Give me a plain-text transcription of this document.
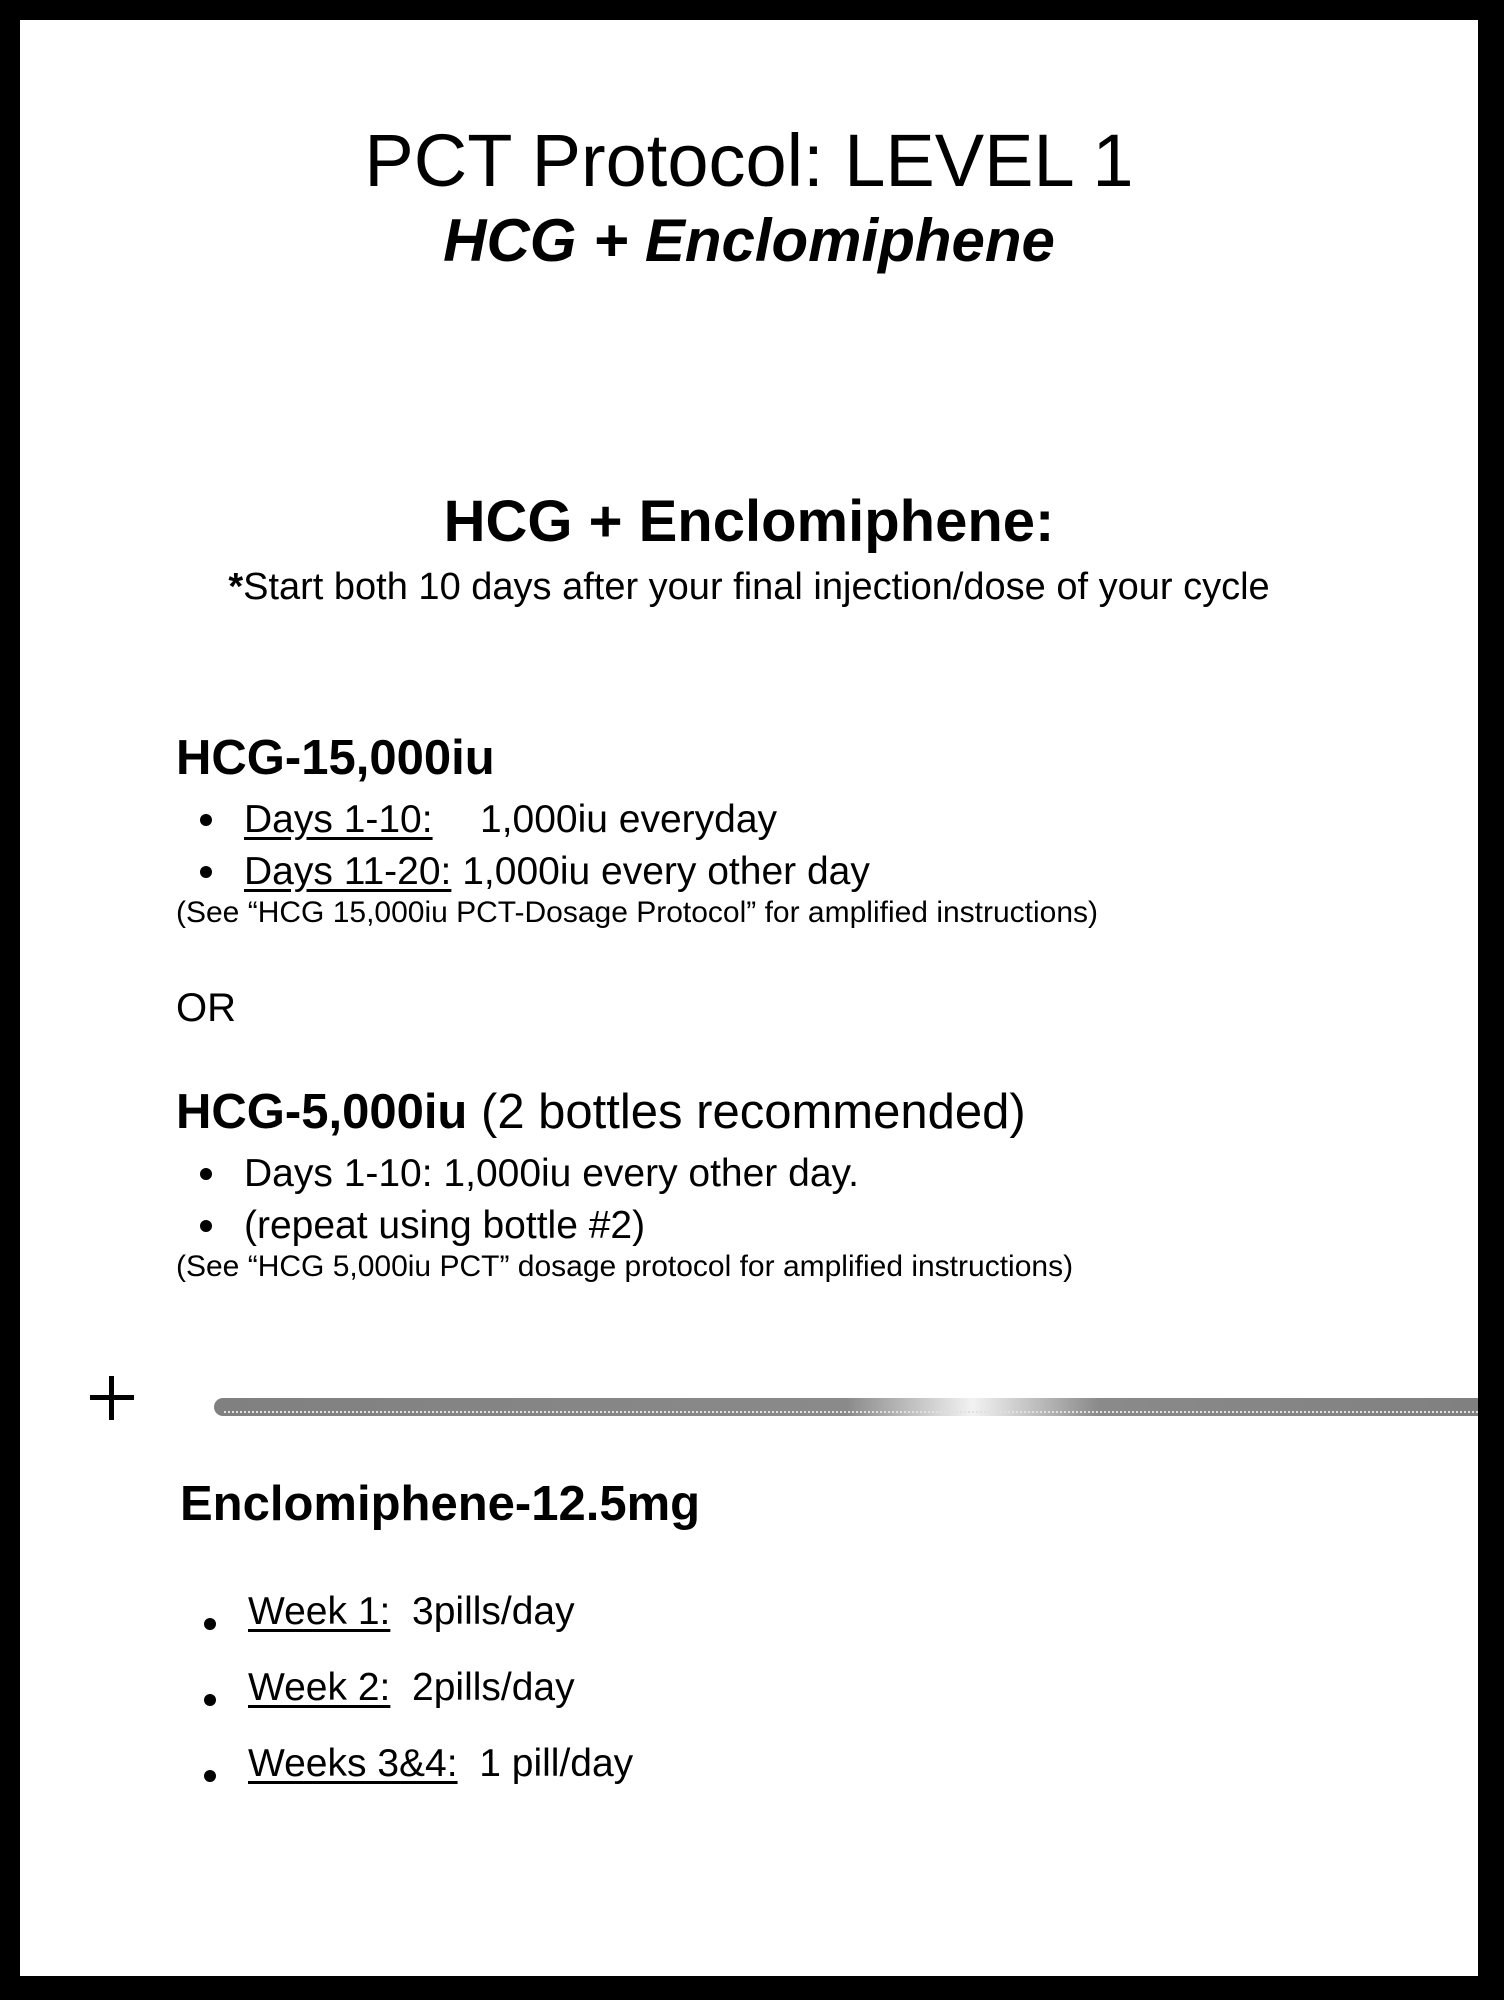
PCT Protocol: LEVEL 1
HCG + Enclomiphene
HCG + Enclomiphene:

*Start both 10 days after your final injection/dose of your cycle

HCG-15,000iu
Days 1-10: 1,000iu everyday
Days 11-20: 1,000iu every other day

(See “HCG 15,000iu PCT-Dosage Protocol” for amplified instructions)

OR

HCG-5,000iu (2 bottles recommended)
Days 1-10: 1,000iu every other day.
(repeat using bottle #2)

(See “HCG 5,000iu PCT” dosage protocol for amplified instructions)

Enclomiphene-12.5mg
Week 1: 3pills/day
Week 2: 2pills/day
Weeks 3&4: 1 pill/day
